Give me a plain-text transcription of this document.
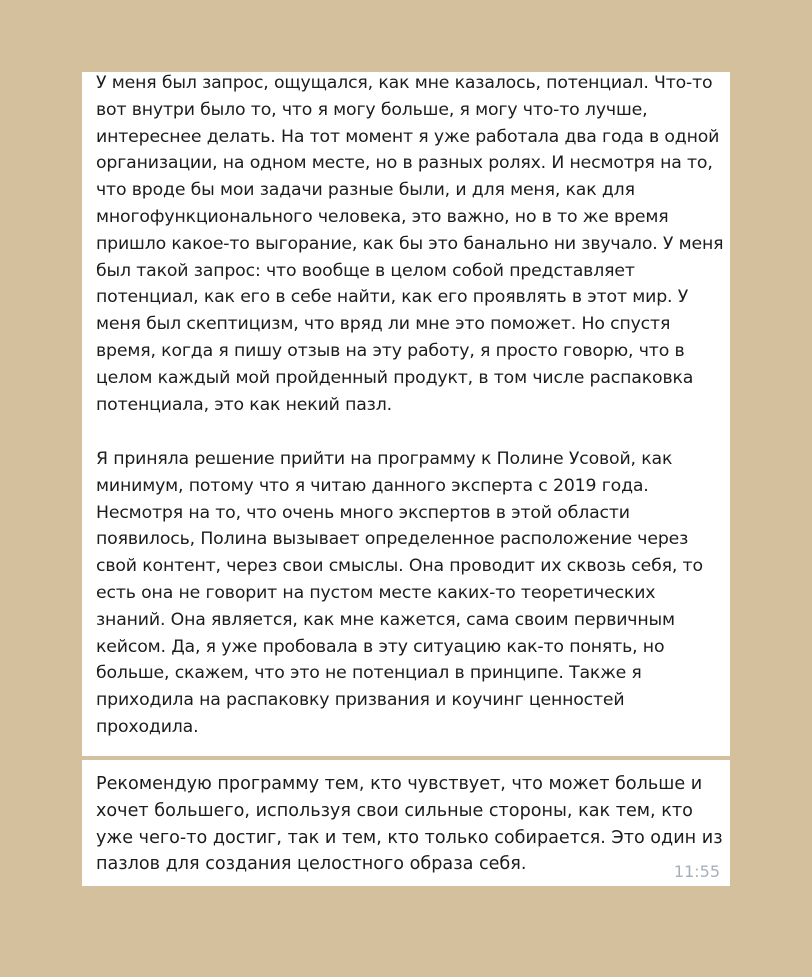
У меня был запрос, ощущался, как мне казалось, потенциал. Что-то вот внутри было то, что я могу больше, я могу что-то лучше, интереснее делать. На тот момент я уже работала два года в одной организации, на одном месте, но в разных ролях. И несмотря на то, что вроде бы мои задачи разные были, и для меня, как для многофункционального человека, это важно, но в то же время пришло какое-то выгорание, как бы это банально ни звучало. У меня был такой запрос: что вообще в целом собой представляет потенциал, как его в себе найти, как его проявлять в этот мир. У меня был скептицизм, что вряд ли мне это поможет. Но спустя время, когда я пишу отзыв на эту работу, я просто говорю, что в целом каждый мой пройденный продукт, в том числе распаковка потенциала, это как некий пазл.

Я приняла решение прийти на программу к Полине Усовой, как минимум, потому что я читаю данного эксперта с 2019 года. Несмотря на то, что очень много экспертов в этой области появилось, Полина вызывает определенное расположение через свой контент, через свои смыслы. Она проводит их сквозь себя, то есть она не говорит на пустом месте каких-то теоретических знаний. Она является, как мне кажется, сама своим первичным кейсом. Да, я уже пробовала в эту ситуацию как-то понять, но больше, скажем, что это не потенциал в принципе. Также я приходила на распаковку призвания и коучинг ценностей проходила.

Рекомендую программу тем, кто чувствует, что может больше и хочет большего, используя свои сильные стороны, как тем, кто уже чего-то достиг, так и тем, кто только собирается. Это один из пазлов для создания целостного образа себя.	11:55
